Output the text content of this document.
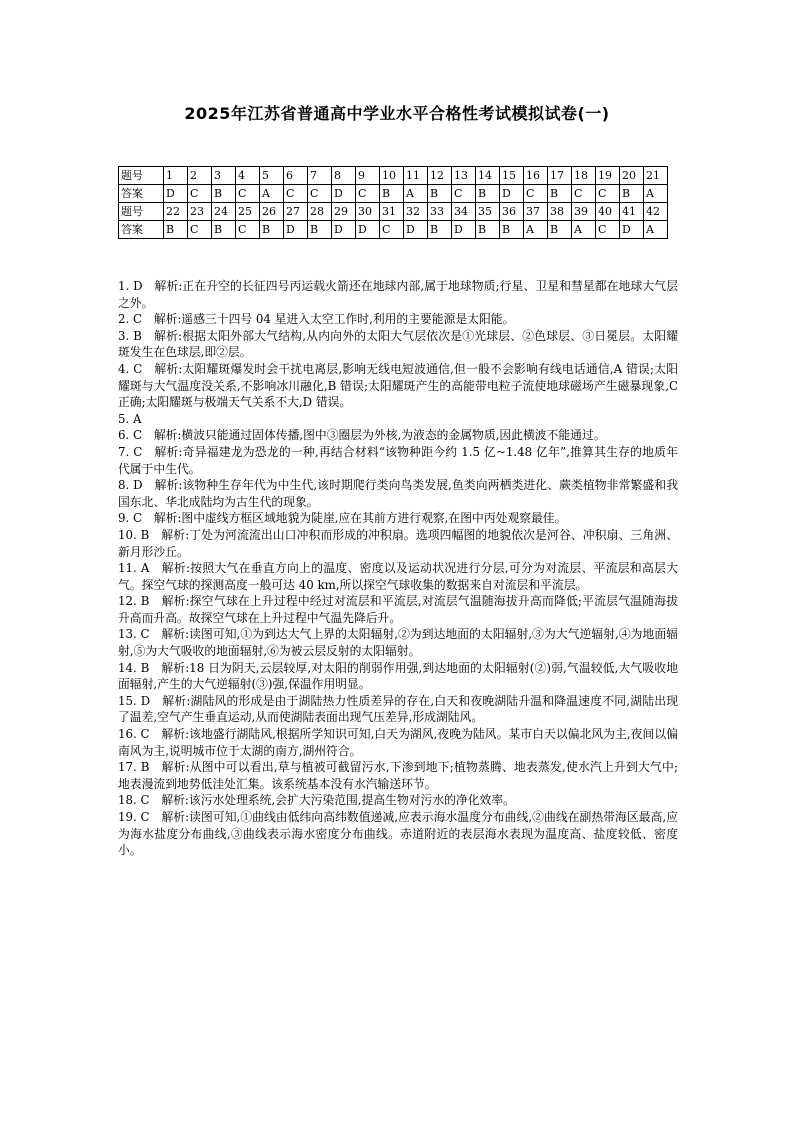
2025年江苏省普通高中学业水平合格性考试模拟试卷(一)
题号	1	2	3	4	5	6	7	8	9	10	11	12	13	14	15	16	17	18	19	20	21
答案	D	C	B	C	A	C	C	D	C	B	A	B	C	B	D	C	B	C	C	B	A
题号	22	23	24	25	26	27	28	29	30	31	32	33	34	35	36	37	38	39	40	41	42
答案	B	C	B	C	B	D	B	D	D	C	D	B	D	B	B	A	B	A	C	D	A

1. D　解析:正在升空的长征四号丙运载火箭还在地球内部,属于地球物质;行星、卫星和彗星都在地球大气层之外。

2. C　解析:遥感三十四号 04 星进入太空工作时,利用的主要能源是太阳能。

3. B　解析:根据太阳外部大气结构,从内向外的太阳大气层依次是①光球层、②色球层、③日冕层。太阳耀斑发生在色球层,即②层。

4. C　解析:太阳耀斑爆发时会干扰电离层,影响无线电短波通信,但一般不会影响有线电话通信,A 错误;太阳耀斑与大气温度没关系,不影响冰川融化,B 错误;太阳耀斑产生的高能带电粒子流使地球磁场产生磁暴现象,C 正确;太阳耀斑与极端天气关系不大,D 错误。

5. A

6. C　解析:横波只能通过固体传播,图中③圈层为外核,为液态的金属物质,因此横波不能通过。

7. C　解析:奇异福建龙为恐龙的一种,再结合材料“该物种距今约 1.5 亿~1.48 亿年”,推算其生存的地质年代属于中生代。

8. D　解析:该物种生存年代为中生代,该时期爬行类向鸟类发展,鱼类向两栖类进化、蕨类植物非常繁盛和我国东北、华北成陆均为古生代的现象。

9. C　解析:图中虚线方框区域地貌为陡崖,应在其前方进行观察,在图中丙处观察最佳。

10. B　解析:丁处为河流流出山口冲积而形成的冲积扇。选项四幅图的地貌依次是河谷、冲积扇、三角洲、新月形沙丘。

11. A　解析:按照大气在垂直方向上的温度、密度以及运动状况进行分层,可分为对流层、平流层和高层大气。探空气球的探测高度一般可达 40 km,所以探空气球收集的数据来自对流层和平流层。

12. B　解析:探空气球在上升过程中经过对流层和平流层,对流层气温随海拔升高而降低;平流层气温随海拔升高而升高。故探空气球在上升过程中气温先降后升。

13. C　解析:读图可知,①为到达大气上界的太阳辐射,②为到达地面的太阳辐射,③为大气逆辐射,④为地面辐射,⑤为大气吸收的地面辐射,⑥为被云层反射的太阳辐射。

14. B　解析:18 日为阴天,云层较厚,对太阳的削弱作用强,到达地面的太阳辐射(②)弱,气温较低,大气吸收地面辐射,产生的大气逆辐射(③)强,保温作用明显。

15. D　解析:湖陆风的形成是由于湖陆热力性质差异的存在,白天和夜晚湖陆升温和降温速度不同,湖陆出现了温差,空气产生垂直运动,从而使湖陆表面出现气压差异,形成湖陆风。

16. C　解析:该地盛行湖陆风,根据所学知识可知,白天为湖风,夜晚为陆风。某市白天以偏北风为主,夜间以偏南风为主,说明城市位于太湖的南方,湖州符合。

17. B　解析:从图中可以看出,草与植被可截留污水,下渗到地下;植物蒸腾、地表蒸发,使水汽上升到大气中;地表漫流到地势低洼处汇集。该系统基本没有水汽输送环节。

18. C　解析:该污水处理系统,会扩大污染范围,提高生物对污水的净化效率。

19. C　解析:读图可知,①曲线由低纬向高纬数值递减,应表示海水温度分布曲线,②曲线在副热带海区最高,应为海水盐度分布曲线,③曲线表示海水密度分布曲线。赤道附近的表层海水表现为温度高、盐度较低、密度小。
